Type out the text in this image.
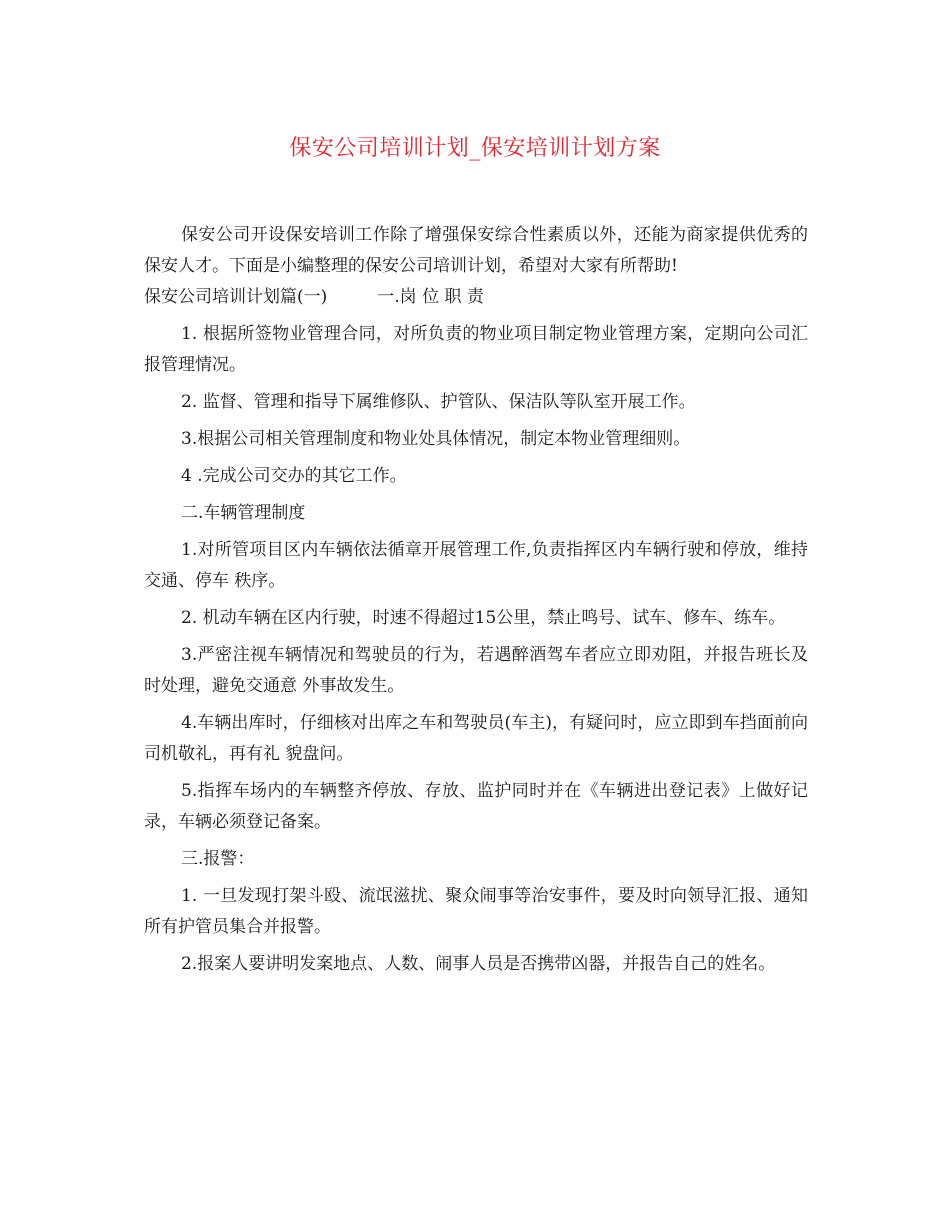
保安公司培训计划_保安培训计划方案

保安公司开设保安培训工作除了增强保安综合性素质以外，还能为商家提供优秀的保安人才。下面是小编整理的保安公司培训计划，希望对大家有所帮助!

保安公司培训计划篇(一)	一.岗 位 职 责

1. 根据所签物业管理合同，对所负责的物业项目制定物业管理方案，定期向公司汇报管理情况。

2. 监督、管理和指导下属维修队、护管队、保洁队等队室开展工作。

3.根据公司相关管理制度和物业处具体情况，制定本物业管理细则。

4 .完成公司交办的其它工作。

二.车辆管理制度

1.对所管项目区内车辆依法循章开展管理工作,负责指挥区内车辆行驶和停放，维持交通、停车 秩序。

2. 机动车辆在区内行驶，时速不得超过15公里，禁止鸣号、试车、修车、练车。

3.严密注视车辆情况和驾驶员的行为，若遇醉酒驾车者应立即劝阻，并报告班长及时处理，避免交通意 外事故发生。

4.车辆出库时，仔细核对出库之车和驾驶员(车主)，有疑问时，应立即到车挡面前向司机敬礼，再有礼 貌盘问。

5.指挥车场内的车辆整齐停放、存放、监护同时并在《车辆进出登记表》上做好记录，车辆必须登记备案。

三.报警：

1. 一旦发现打架斗殴、流氓滋扰、聚众闹事等治安事件，要及时向领导汇报、通知所有护管员集合并报警。

2.报案人要讲明发案地点、人数、闹事人员是否携带凶器，并报告自己的姓名。
